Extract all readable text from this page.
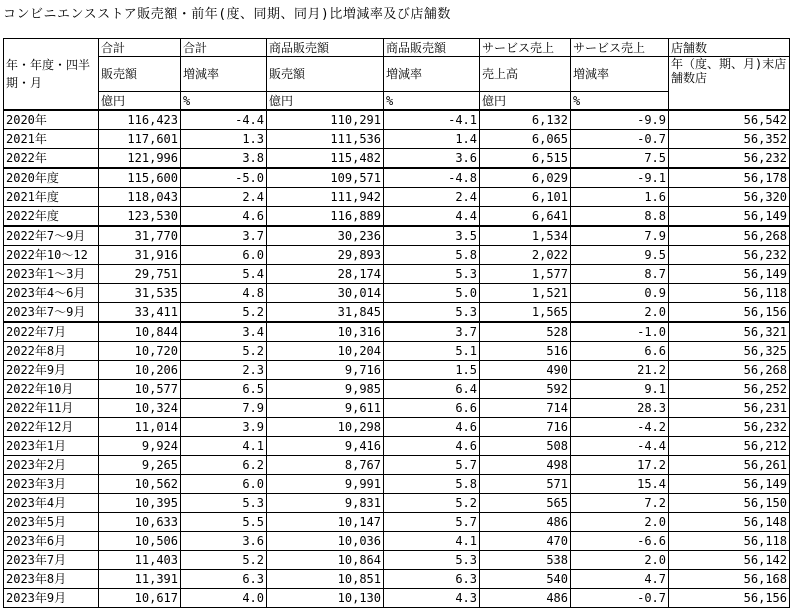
コンビニエンスストア販売額・前年(度、同期、同月)比増減率及び店舗数
年・年度・四半期・月	合計	合計	商品販売額	商品販売額	サービス売上	サービス売上	店舗数
	販売額	増減率	販売額	増減率	売上高	増減率	年（度、期、月)末店舗数店
	億円	%	億円	%	億円	%	
2020年	116,423	-4.4	110,291	-4.1	6,132	-9.9	56,542
2021年	117,601	1.3	111,536	1.4	6,065	-0.7	56,352
2022年	121,996	3.8	115,482	3.6	6,515	7.5	56,232
2020年度	115,600	-5.0	109,571	-4.8	6,029	-9.1	56,178
2021年度	118,043	2.4	111,942	2.4	6,101	1.6	56,320
2022年度	123,530	4.6	116,889	4.4	6,641	8.8	56,149
2022年7～9月	31,770	3.7	30,236	3.5	1,534	7.9	56,268
2022年10～12	31,916	6.0	29,893	5.8	2,022	9.5	56,232
2023年1～3月	29,751	5.4	28,174	5.3	1,577	8.7	56,149
2023年4～6月	31,535	4.8	30,014	5.0	1,521	0.9	56,118
2023年7～9月	33,411	5.2	31,845	5.3	1,565	2.0	56,156
2022年7月	10,844	3.4	10,316	3.7	528	-1.0	56,321
2022年8月	10,720	5.2	10,204	5.1	516	6.6	56,325
2022年9月	10,206	2.3	9,716	1.5	490	21.2	56,268
2022年10月	10,577	6.5	9,985	6.4	592	9.1	56,252
2022年11月	10,324	7.9	9,611	6.6	714	28.3	56,231
2022年12月	11,014	3.9	10,298	4.6	716	-4.2	56,232
2023年1月	9,924	4.1	9,416	4.6	508	-4.4	56,212
2023年2月	9,265	6.2	8,767	5.7	498	17.2	56,261
2023年3月	10,562	6.0	9,991	5.8	571	15.4	56,149
2023年4月	10,395	5.3	9,831	5.2	565	7.2	56,150
2023年5月	10,633	5.5	10,147	5.7	486	2.0	56,148
2023年6月	10,506	3.6	10,036	4.1	470	-6.6	56,118
2023年7月	11,403	5.2	10,864	5.3	538	2.0	56,142
2023年8月	11,391	6.3	10,851	6.3	540	4.7	56,168
2023年9月	10,617	4.0	10,130	4.3	486	-0.7	56,156
